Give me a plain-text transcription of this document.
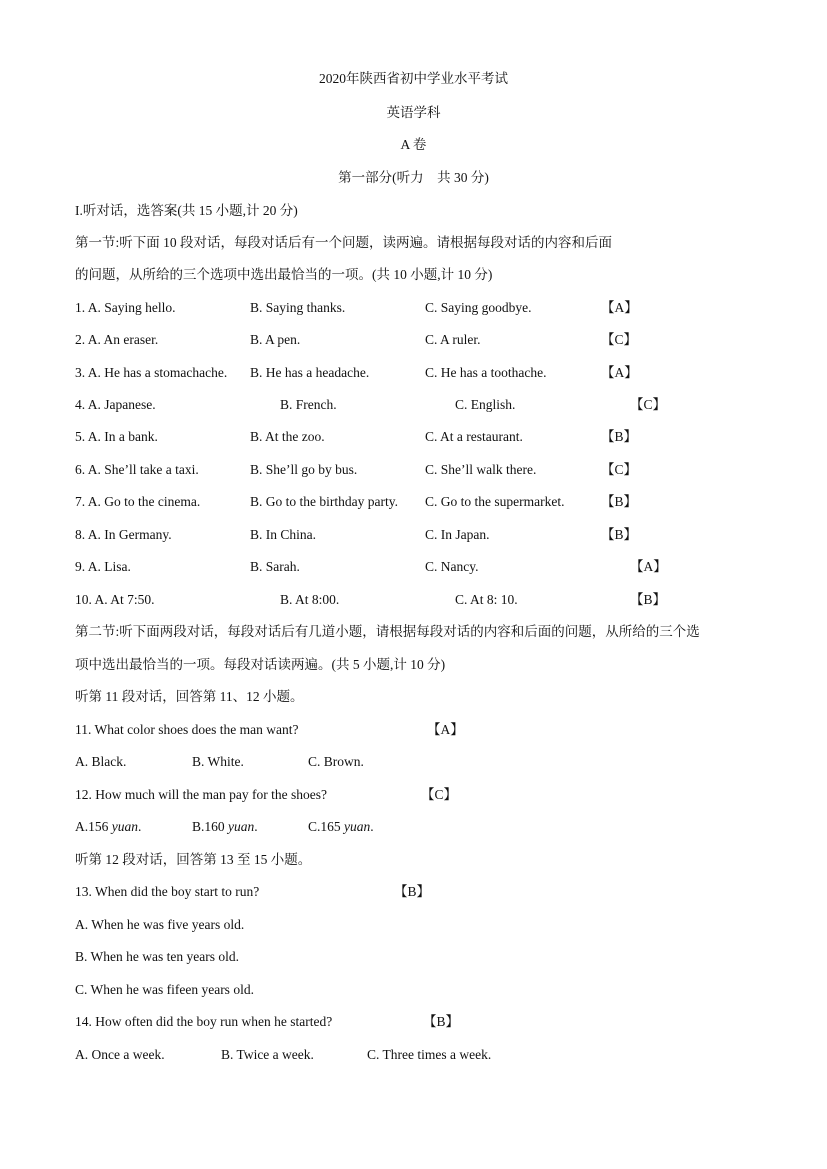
2020年陕西省初中学业水平考试
英语学科
A 卷
第一部分(听力　共 30 分)
I.听对话，选答案(共 15 小题,计 20 分)
第一节:听下面 10 段对话，每段对话后有一个问题，读两遍。请根据每段对话的内容和后面
的问题，从所给的三个选项中选出最恰当的一项。(共 10 小题,计 10 分)
1. A. Saying hello.	B. Saying thanks.	C. Saying goodbye.	【A】
2. A. An eraser.	B. A pen.	C. A ruler.	【C】
3. A. He has a stomachache. B. He has a headache.	C. He has a toothache.	【A】
4. A. Japanese.	B. French.	C. English.	【C】
5. A. In a bank.	B. At the zoo.	C. At a restaurant.	【B】
6. A. She’ll take a taxi.	B. She’ll go by bus.	C. She’ll walk there.	【C】
7. A. Go to the cinema.	B. Go to the birthday party. C. Go to the supermarket.	【B】
8. A. In Germany.	B. In China.	C. In Japan.	【B】
9. A. Lisa.	B. Sarah.	C. Nancy.	【A】
10. A. At 7:50.	B. At 8:00.	C. At 8: 10.	【B】
第二节:听下面两段对话，每段对话后有几道小题，请根据每段对话的内容和后面的问题，从所给的三个选
项中选出最恰当的一项。每段对话读两遍。(共 5 小题,计 10 分)
听第 11 段对话，回答第 11、12 小题。
11. What color shoes does the man want?	【A】
A. Black.	B. White.	C. Brown.
12. How much will the man pay for the shoes?	【C】
A.156 yuan.	B.160 yuan.	C.165 yuan.
听第 12 段对话，回答第 13 至 15 小题。
13. When did the boy start to run?	【B】
A. When he was five years old.
B. When he was ten years old.
C. When he was fifeen years old.
14. How often did the boy run when he started?	【B】
A. Once a week.	B. Twice a week.	C. Three times a week.
